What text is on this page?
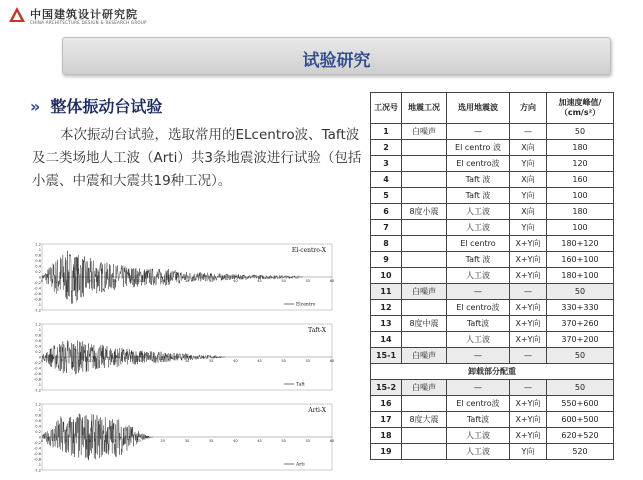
中国建筑设计研究院
CHINA ARCHITECTURE DESIGN & RESEARCH GROUP
试验研究
» 整体振动台试验
本次振动台试验，选取常用的ELcentro波、Taft波及二类场地人工波（Arti）共3条地震波进行试验（包括小震、中震和大震共19种工况）。
1.2
1
0.8
0.6
0.4
0.2
0
-0.2
-0.4
-0.6
-0.8
-1
-1.2
0	5	10	15	20	25	30	35	40	45	50	55	60
El-centro-X
Elcentro
1.2
1
0.8
0.6
0.4
0.2
0
-0.2
-0.4
-0.6
-0.8
-1
-1.2
0	5	10	15	20	25	30	35	40	45	50	55	60
Taft-X
Taft
1.2
1
0.8
0.6
0.4
0.2
0
-0.2
-0.4
-0.6
-0.8
-1
-1.2
0	5	10	15	20	25	30	35	40	45	50	55	60
Arti-X
Arti
工况号	地震工况	选用地震波	方向	加速度峰值/（cm/s²）
1	白噪声	—	—	50
2		El centro 波	X向	180
3		El centro波	Y向	120
4		Taft 波	X向	160
5		Taft 波	Y向	100
6	8度小震	人工波	X向	180
7		人工波	Y向	100
8		El centro	X+Y向	180+120
9		Taft 波	X+Y向	160+100
10		人工波	X+Y向	180+100
11	白噪声	—	—	50
12		El centro波	X+Y向	330+330
13	8度中震	Taft波	X+Y向	370+260
14		人工波	X+Y向	370+200
15-1	白噪声	—	—	50
卸载部分配重				
15-2	白噪声	—	—	50
16		El centro波	X+Y向	550+600
17	8度大震	Taft波	X+Y向	600+500
18		人工波	X+Y向	620+520
19		人工波	Y向	520
